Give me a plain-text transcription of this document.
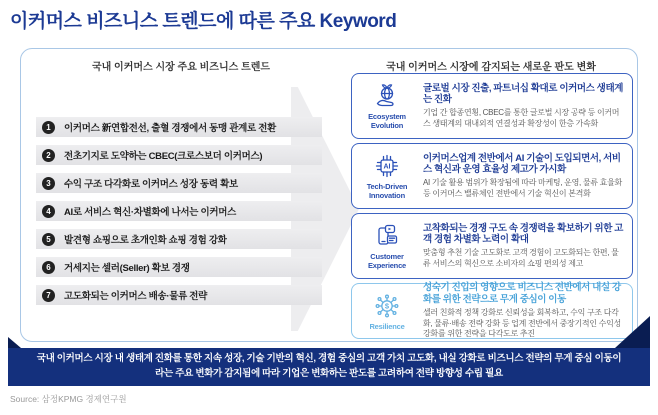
이커머스 비즈니스 트렌드에 따른 주요 Keyword
국내 이커머스 시장 주요 비즈니스 트렌드	국내 이커머스 시장에 감지되는 새로운 판도 변화
1	이커머스 新연합전선, 출혈 경쟁에서 동맹 관계로 전환
2	전초기지로 도약하는 CBEC(크로스보더 이커머스)
3	수익 구조 다각화로 이커머스 성장 동력 확보
4	AI로 서비스 혁신·차별화에 나서는 이커머스
5	발견형 쇼핑으로 초개인화 쇼핑 경험 강화
6	거세지는 셀러(Seller) 확보 경쟁
7	고도화되는 이커머스 배송·물류 전략
Ecosystem Evolution
글로벌 시장 진출, 파트너십 확대로 이커머스 생태계는 진화
기업 간 합종연횡, CBEC를 통한 글로벌 시장 공략 등 이커머스 생태계의 대내외적 연결성과 확장성이 한층 가속화
AI
Tech-Driven Innovation
이커머스업계 전반에서 AI 기술이 도입되면서, 서비스 혁신과 운영 효율성 제고가 가시화
AI 기술 활용 범위가 확장됨에 따라 마케팅, 운영, 물류 효율화 등 이커머스 밸류체인 전반에서 기술 혁신이 본격화
Customer Experience
고착화되는 경쟁 구도 속 경쟁력을 확보하기 위한 고객 경험 차별화 노력이 확대
맞춤형 추천 기술 고도화로 고객 경험이 고도화되는 한편, 물류 서비스의 혁신으로 소비자의 쇼핑 편의성 제고
$
Resilience
성숙기 진입의 영향으로 비즈니스 전반에서 내실 강화를 위한 전략으로 무게 중심이 이동
셀러 친화적 정책 강화로 신뢰성을 회복하고, 수익 구조 다각화, 물류·배송 전략 강화 등 업계 전반에서 중장기적인 수익성 강화를 위한 전략을 다각도로 추진
국내 이커머스 시장 내 생태계 진화를 통한 지속 성장, 기술 기반의 혁신, 경험 중심의 고객 가치 고도화, 내실 강화로 비즈니스 전략의 무게 중심 이동이라는 주요 변화가 감지됨에 따라 기업은 변화하는 판도를 고려하여 전략 방향성 수립 필요
Source: 삼정KPMG 경제연구원
